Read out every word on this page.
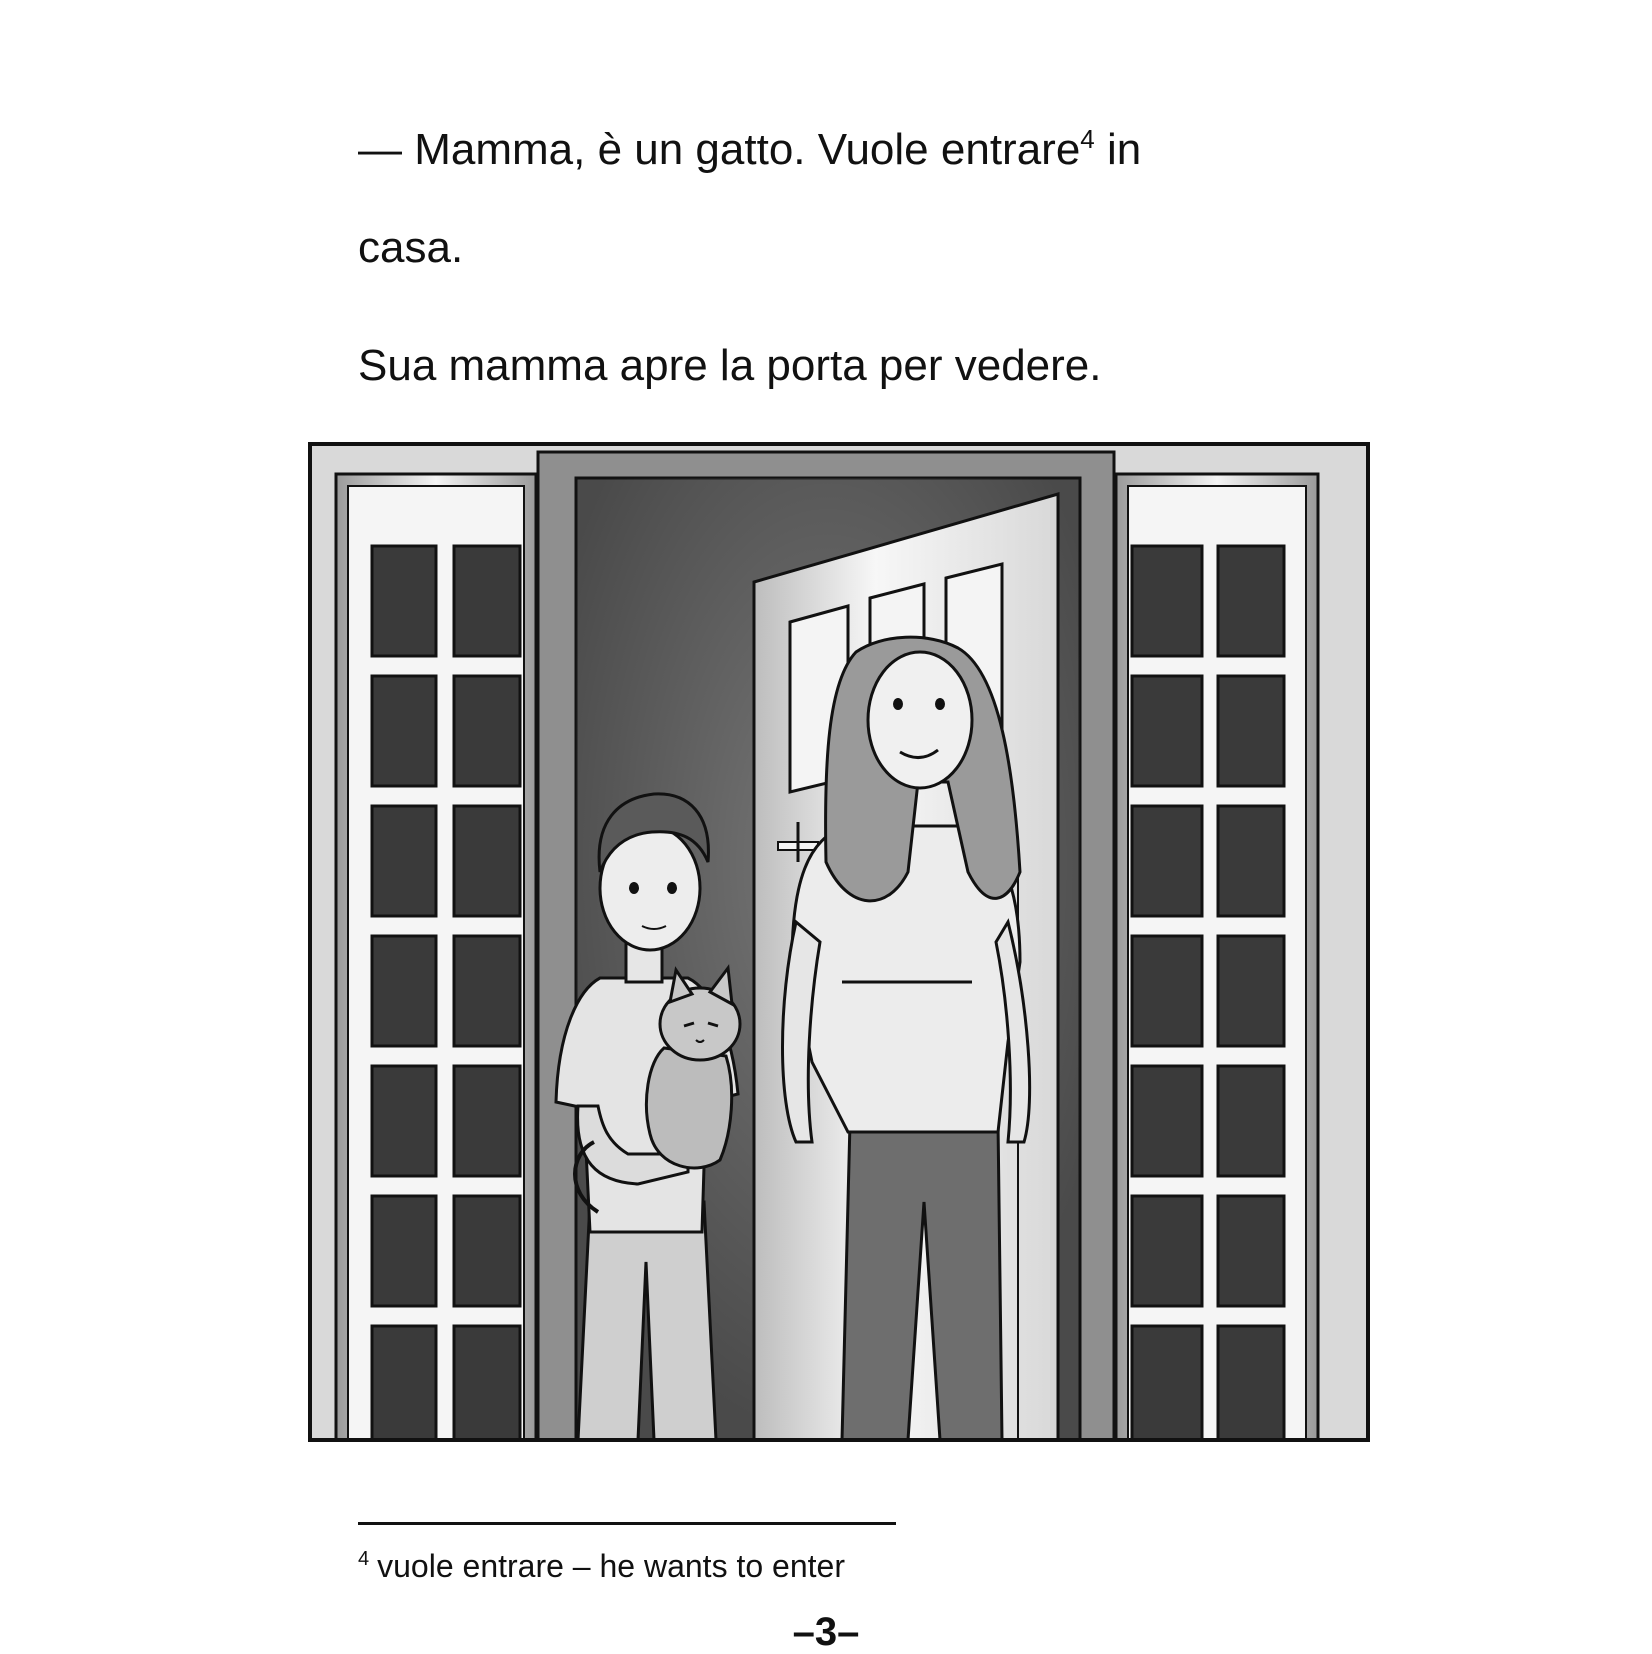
— Mamma, è un gatto. Vuole entrare$^4$ in

casa.

Sua mamma apre la porta per vedere.

$^4$ vuole entrare – he wants to enter

–3–
